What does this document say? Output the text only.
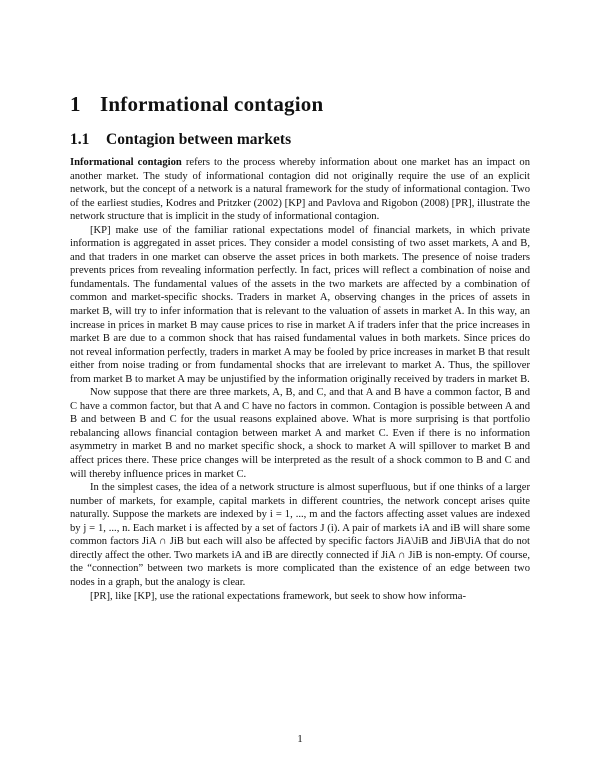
1 Informational contagion
1.1 Contagion between markets

Informational contagion refers to the process whereby information about one market has an impact on another market. The study of informational contagion did not originally require the use of an explicit network, but the concept of a network is a natural framework for the study of informational contagion. Two of the earliest studies, Kodres and Pritzker (2002) [KP] and Pavlova and Rigobon (2008) [PR], illustrate the network structure that is implicit in the study of informational contagion.

[KP] make use of the familiar rational expectations model of financial markets, in which private information is aggregated in asset prices. They consider a model consisting of two asset markets, A and B, and that traders in one market can observe the asset prices in both markets. The presence of noise traders prevents prices from revealing information perfectly. In fact, prices will reflect a combination of noise and fundamentals. The fundamental values of the assets in the two markets are affected by a combination of common and market-specific shocks. Traders in market A, observing changes in the prices of assets in market B, will try to infer information that is relevant to the valuation of assets in market A. In this way, an increase in prices in market B may cause prices to rise in market A if traders infer that the price increases in market B are due to a common shock that has raised fundamental values in both markets. Since prices do not reveal information perfectly, traders in market A may be fooled by price increases in market B that result either from noise trading or from fundamental shocks that are irrelevant to market A. Thus, the spillover from market B to market A may be unjustified by the information originally received by traders in market B.

Now suppose that there are three markets, A, B, and C, and that A and B have a common factor, B and C have a common factor, but that A and C have no factors in common. Contagion is possible between A and B and between B and C for the usual reasons explained above. What is more surprising is that portfolio rebalancing allows financial contagion between market A and market C. Even if there is no information asymmetry in market B and no market specific shock, a shock to market A will spillover to market B and affect prices there. These price changes will be interpreted as the result of a shock common to B and C and will thereby influence prices in market C.

In the simplest cases, the idea of a network structure is almost superfluous, but if one thinks of a larger number of markets, for example, capital markets in different countries, the network concept arises quite naturally. Suppose the markets are indexed by i = 1, ..., m and the factors affecting asset values are indexed by j = 1, ..., n. Each market i is affected by a set of factors J (i). A pair of markets iA and iB will share some common factors JiA ∩ JiB but each will also be affected by specific factors JiA\JiB and JiB\JiA that do not directly affect the other. Two markets iA and iB are directly connected if JiA ∩ JiB is non-empty. Of course, the “connection” between two markets is more complicated than the existence of an edge between two nodes in a graph, but the analogy is clear.

[PR], like [KP], use the rational expectations framework, but seek to show how informa-

1
